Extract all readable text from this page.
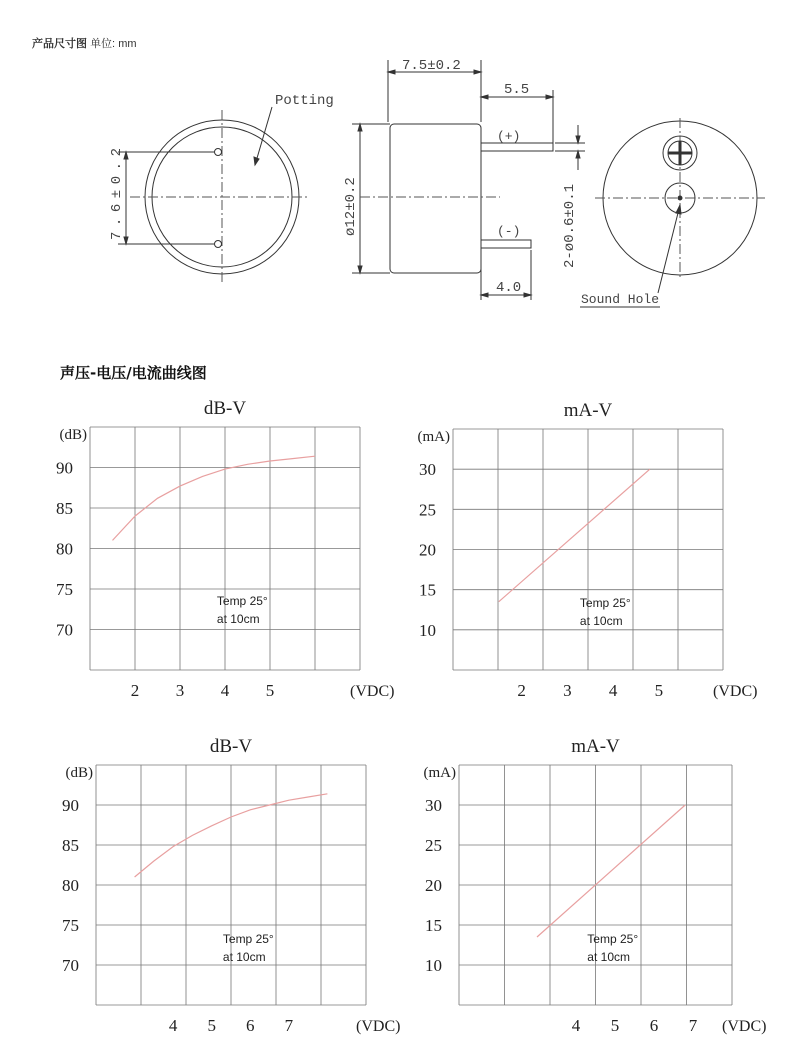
产品尺寸图 单位: mm
Potting
7.6±0.2
7.5±0.2
5.5
ø12±0.2
(+)
(-)	2-ø0.6±0.1
4.0
Sound Hole
声压-电压/电流曲线图
dB-V
(dB)
(VDC)
90
85
80
75
70
2 3 4 5
Temp 25°
at 10cm
mA-V
(mA)
(VDC)
30
25
20
15
10
2 3 4 5
Temp 25°
at 10cm
dB-V
(dB)
(VDC)
90
85
80
75
70
4 5 6 7
Temp 25°
at 10cm
mA-V
(mA)
(VDC)
30
25
20
15
10
4 5 6 7
Temp 25°
at 10cm
